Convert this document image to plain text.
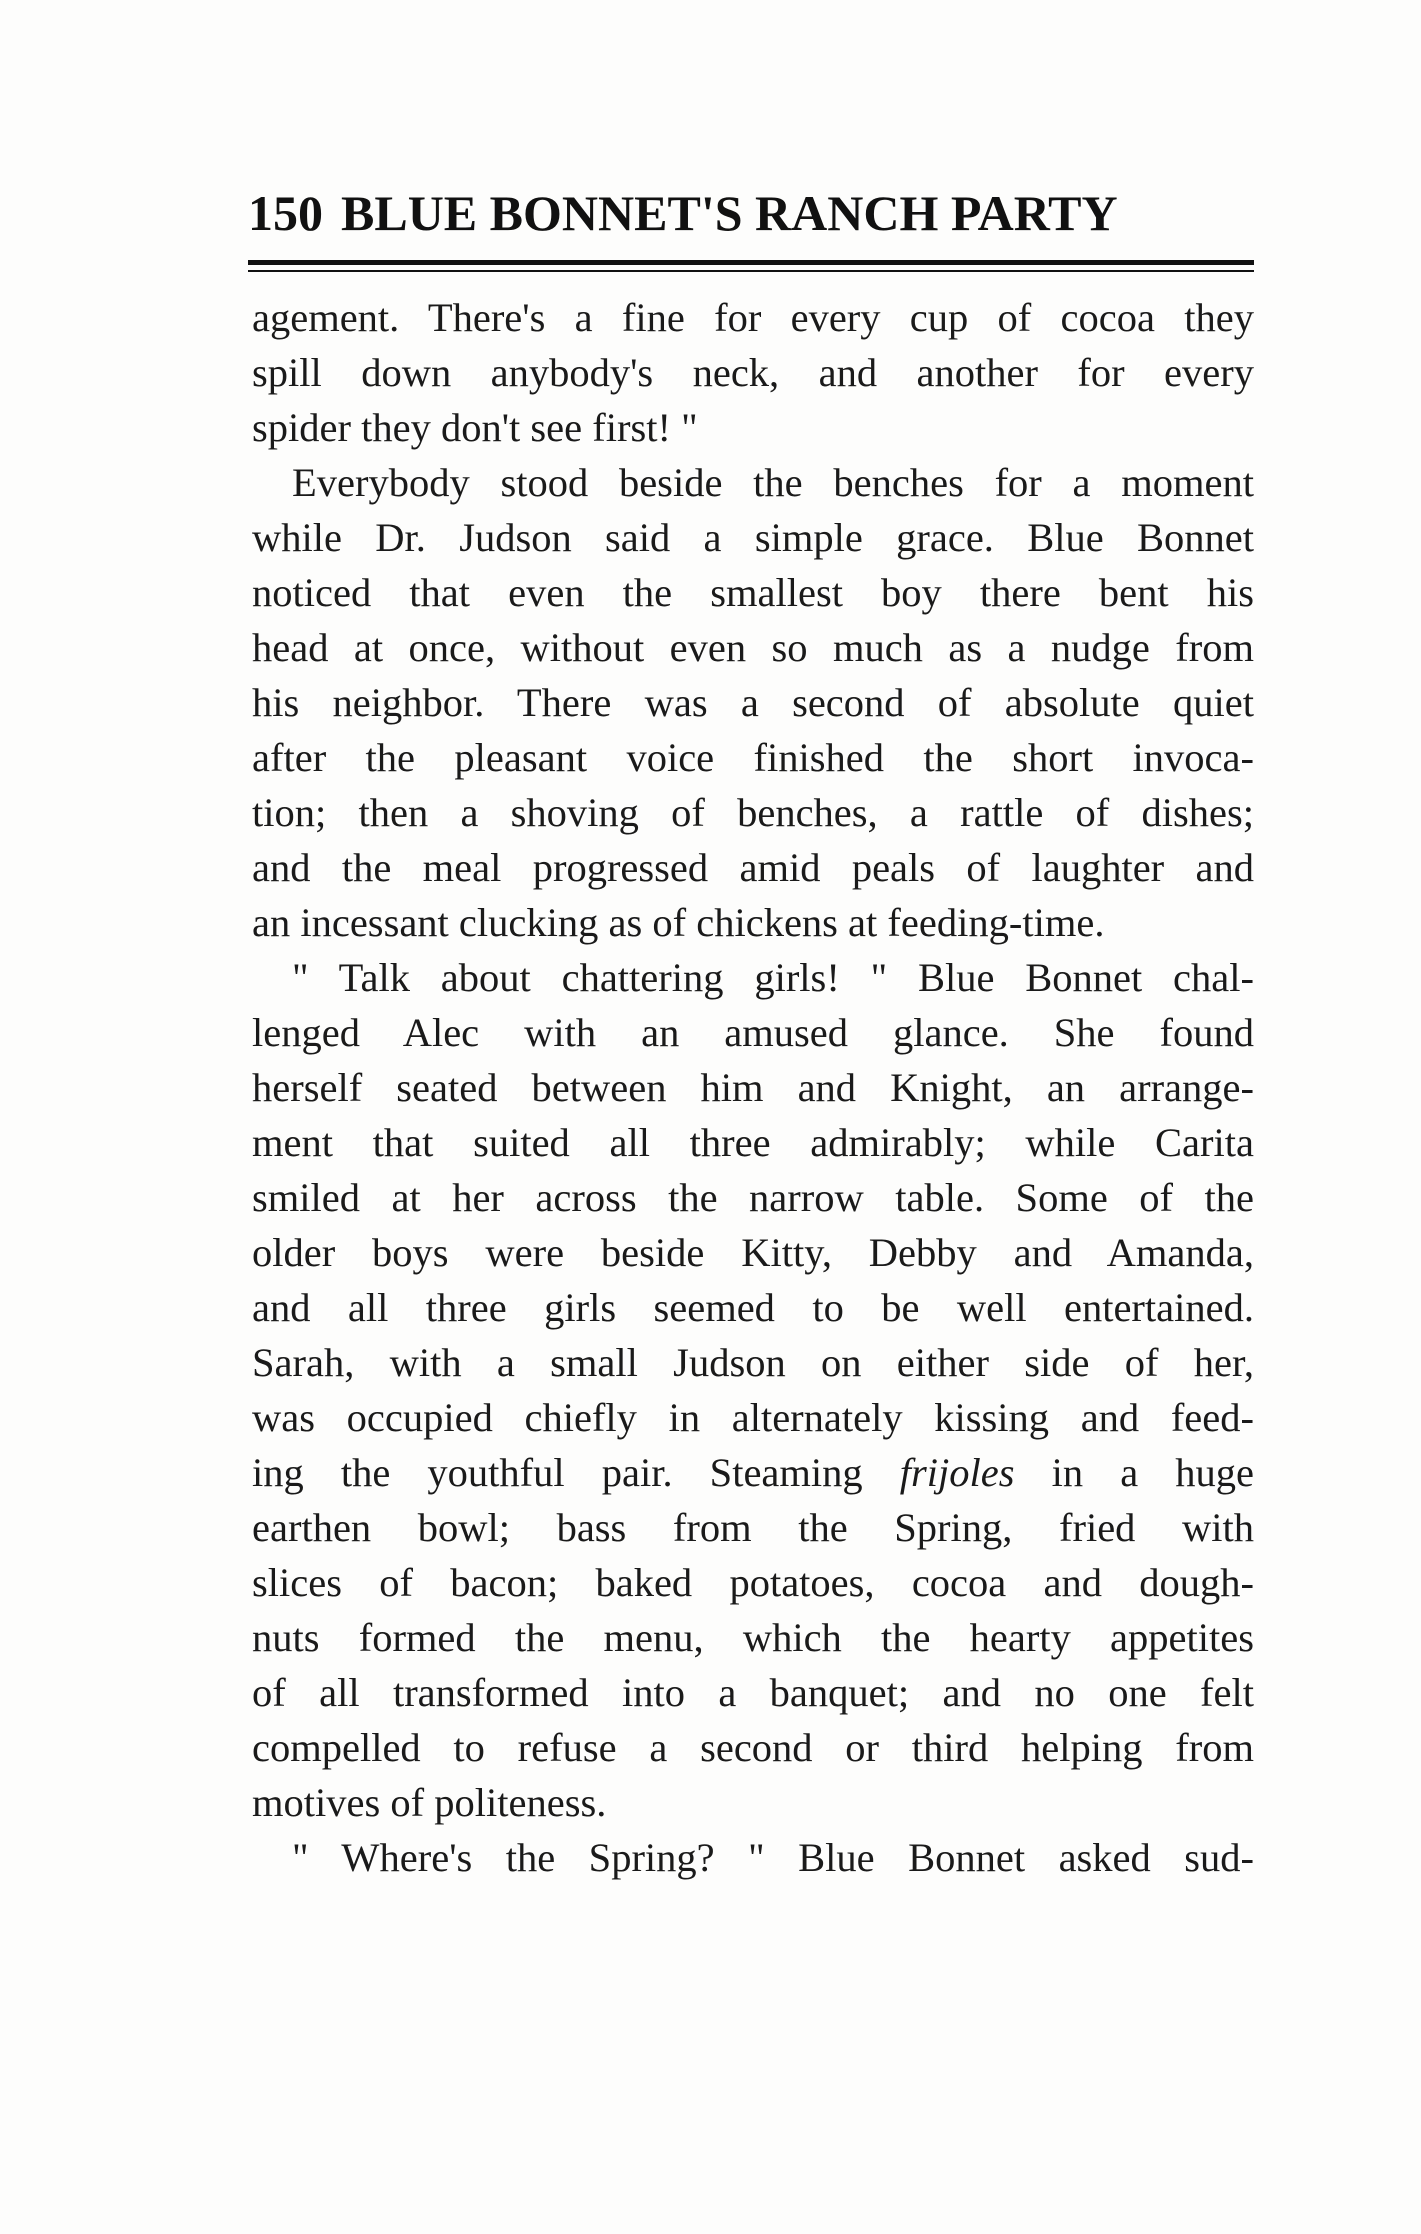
150 BLUE BONNET'S RANCH PARTY
agement. There's a fine for every cup of cocoa they
spill down anybody's neck, and another for every
spider they don't see first! "
Everybody stood beside the benches for a moment
while Dr. Judson said a simple grace. Blue Bonnet
noticed that even the smallest boy there bent his
head at once, without even so much as a nudge from
his neighbor. There was a second of absolute quiet
after the pleasant voice finished the short invoca-
tion; then a shoving of benches, a rattle of dishes;
and the meal progressed amid peals of laughter and
an incessant clucking as of chickens at feeding-time.
" Talk about chattering girls! " Blue Bonnet chal-
lenged Alec with an amused glance. She found
herself seated between him and Knight, an arrange-
ment that suited all three admirably; while Carita
smiled at her across the narrow table. Some of the
older boys were beside Kitty, Debby and Amanda,
and all three girls seemed to be well entertained.
Sarah, with a small Judson on either side of her,
was occupied chiefly in alternately kissing and feed-
ing the youthful pair. Steaming frijoles in a huge
earthen bowl; bass from the Spring, fried with
slices of bacon; baked potatoes, cocoa and dough-
nuts formed the menu, which the hearty appetites
of all transformed into a banquet; and no one felt
compelled to refuse a second or third helping from
motives of politeness.
" Where's the Spring? " Blue Bonnet asked sud-
